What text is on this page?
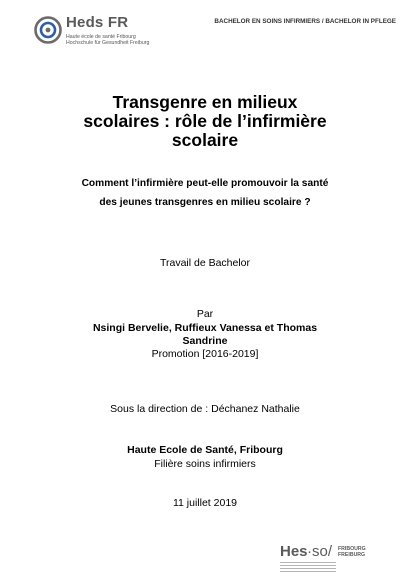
Heds FR
Haute école de santé Fribourg
Hochschule für Gesundheit Freiburg
BACHELOR EN SOINS INFIRMIERS / BACHELOR IN PFLEGE
Transgenre en milieux
scolaires : rôle de l’infirmière
scolaire
Comment l’infirmière peut-elle promouvoir la santé
des jeunes transgenres en milieu scolaire ?
Travail de Bachelor
Par
Nsingi Bervelie, Ruffieux Vanessa et Thomas
Sandrine
Promotion [2016-2019]
Sous la direction de : Déchanez Nathalie
Haute Ecole de Santé, Fribourg
Filière soins infirmiers
11 juillet 2019
Hes ·so/ FRIBOURG
FREIBURG
